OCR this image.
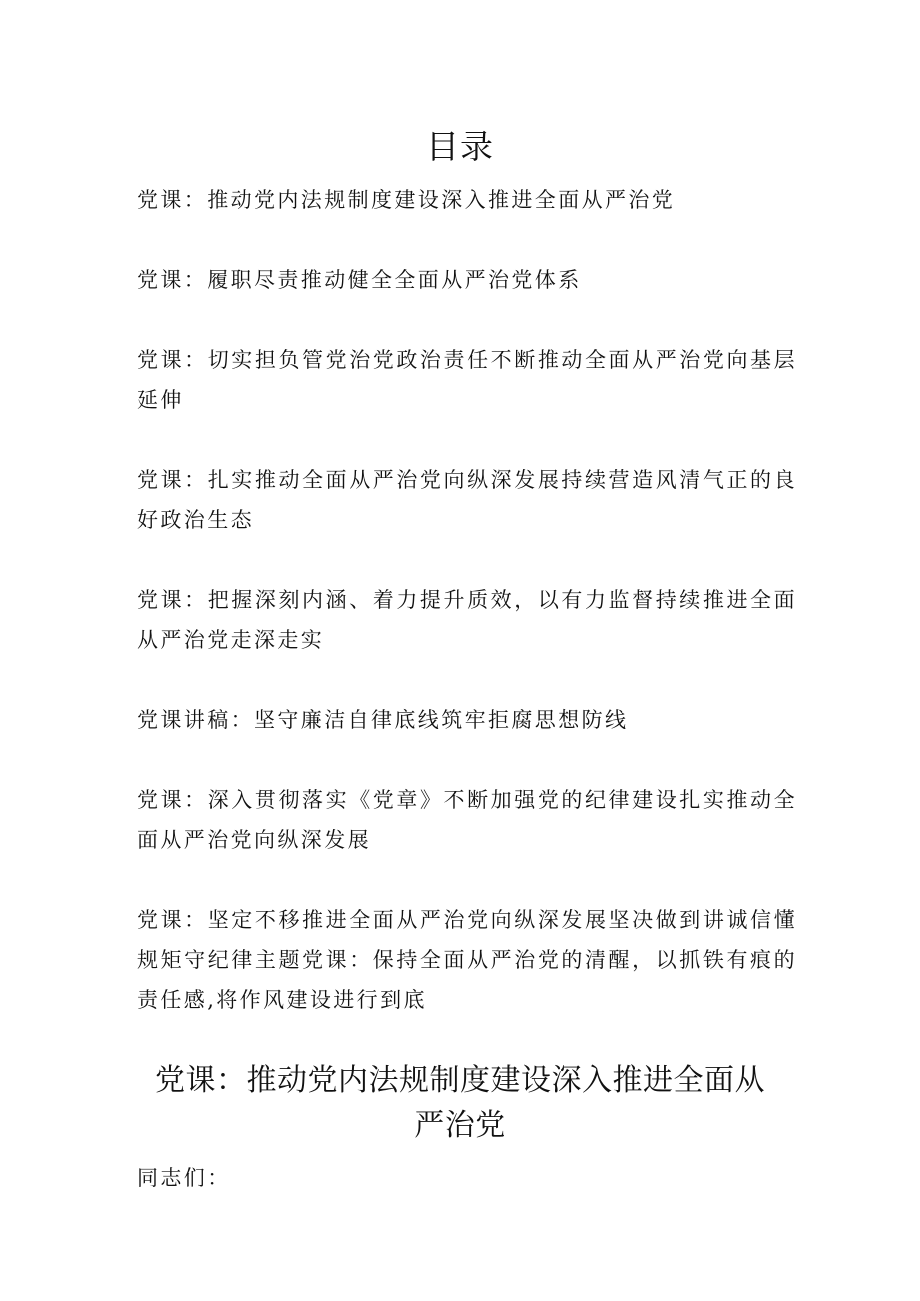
目录
党课：推动党内法规制度建设深入推进全面从严治党
党课：履职尽责推动健全全面从严治党体系
党课：切实担负管党治党政治责任不断推动全面从严治党向基层延伸
党课：扎实推动全面从严治党向纵深发展持续营造风清气正的良好政治生态
党课：把握深刻内涵、着力提升质效，以有力监督持续推进全面从严治党走深走实
党课讲稿：坚守廉洁自律底线筑牢拒腐思想防线
党课：深入贯彻落实《党章》不断加强党的纪律建设扎实推动全面从严治党向纵深发展
党课：坚定不移推进全面从严治党向纵深发展坚决做到讲诚信懂规矩守纪律主题党课：保持全面从严治党的清醒，以抓铁有痕的责任感,将作风建设进行到底
党课：推动党内法规制度建设深入推进全面从严治党
同志们：
